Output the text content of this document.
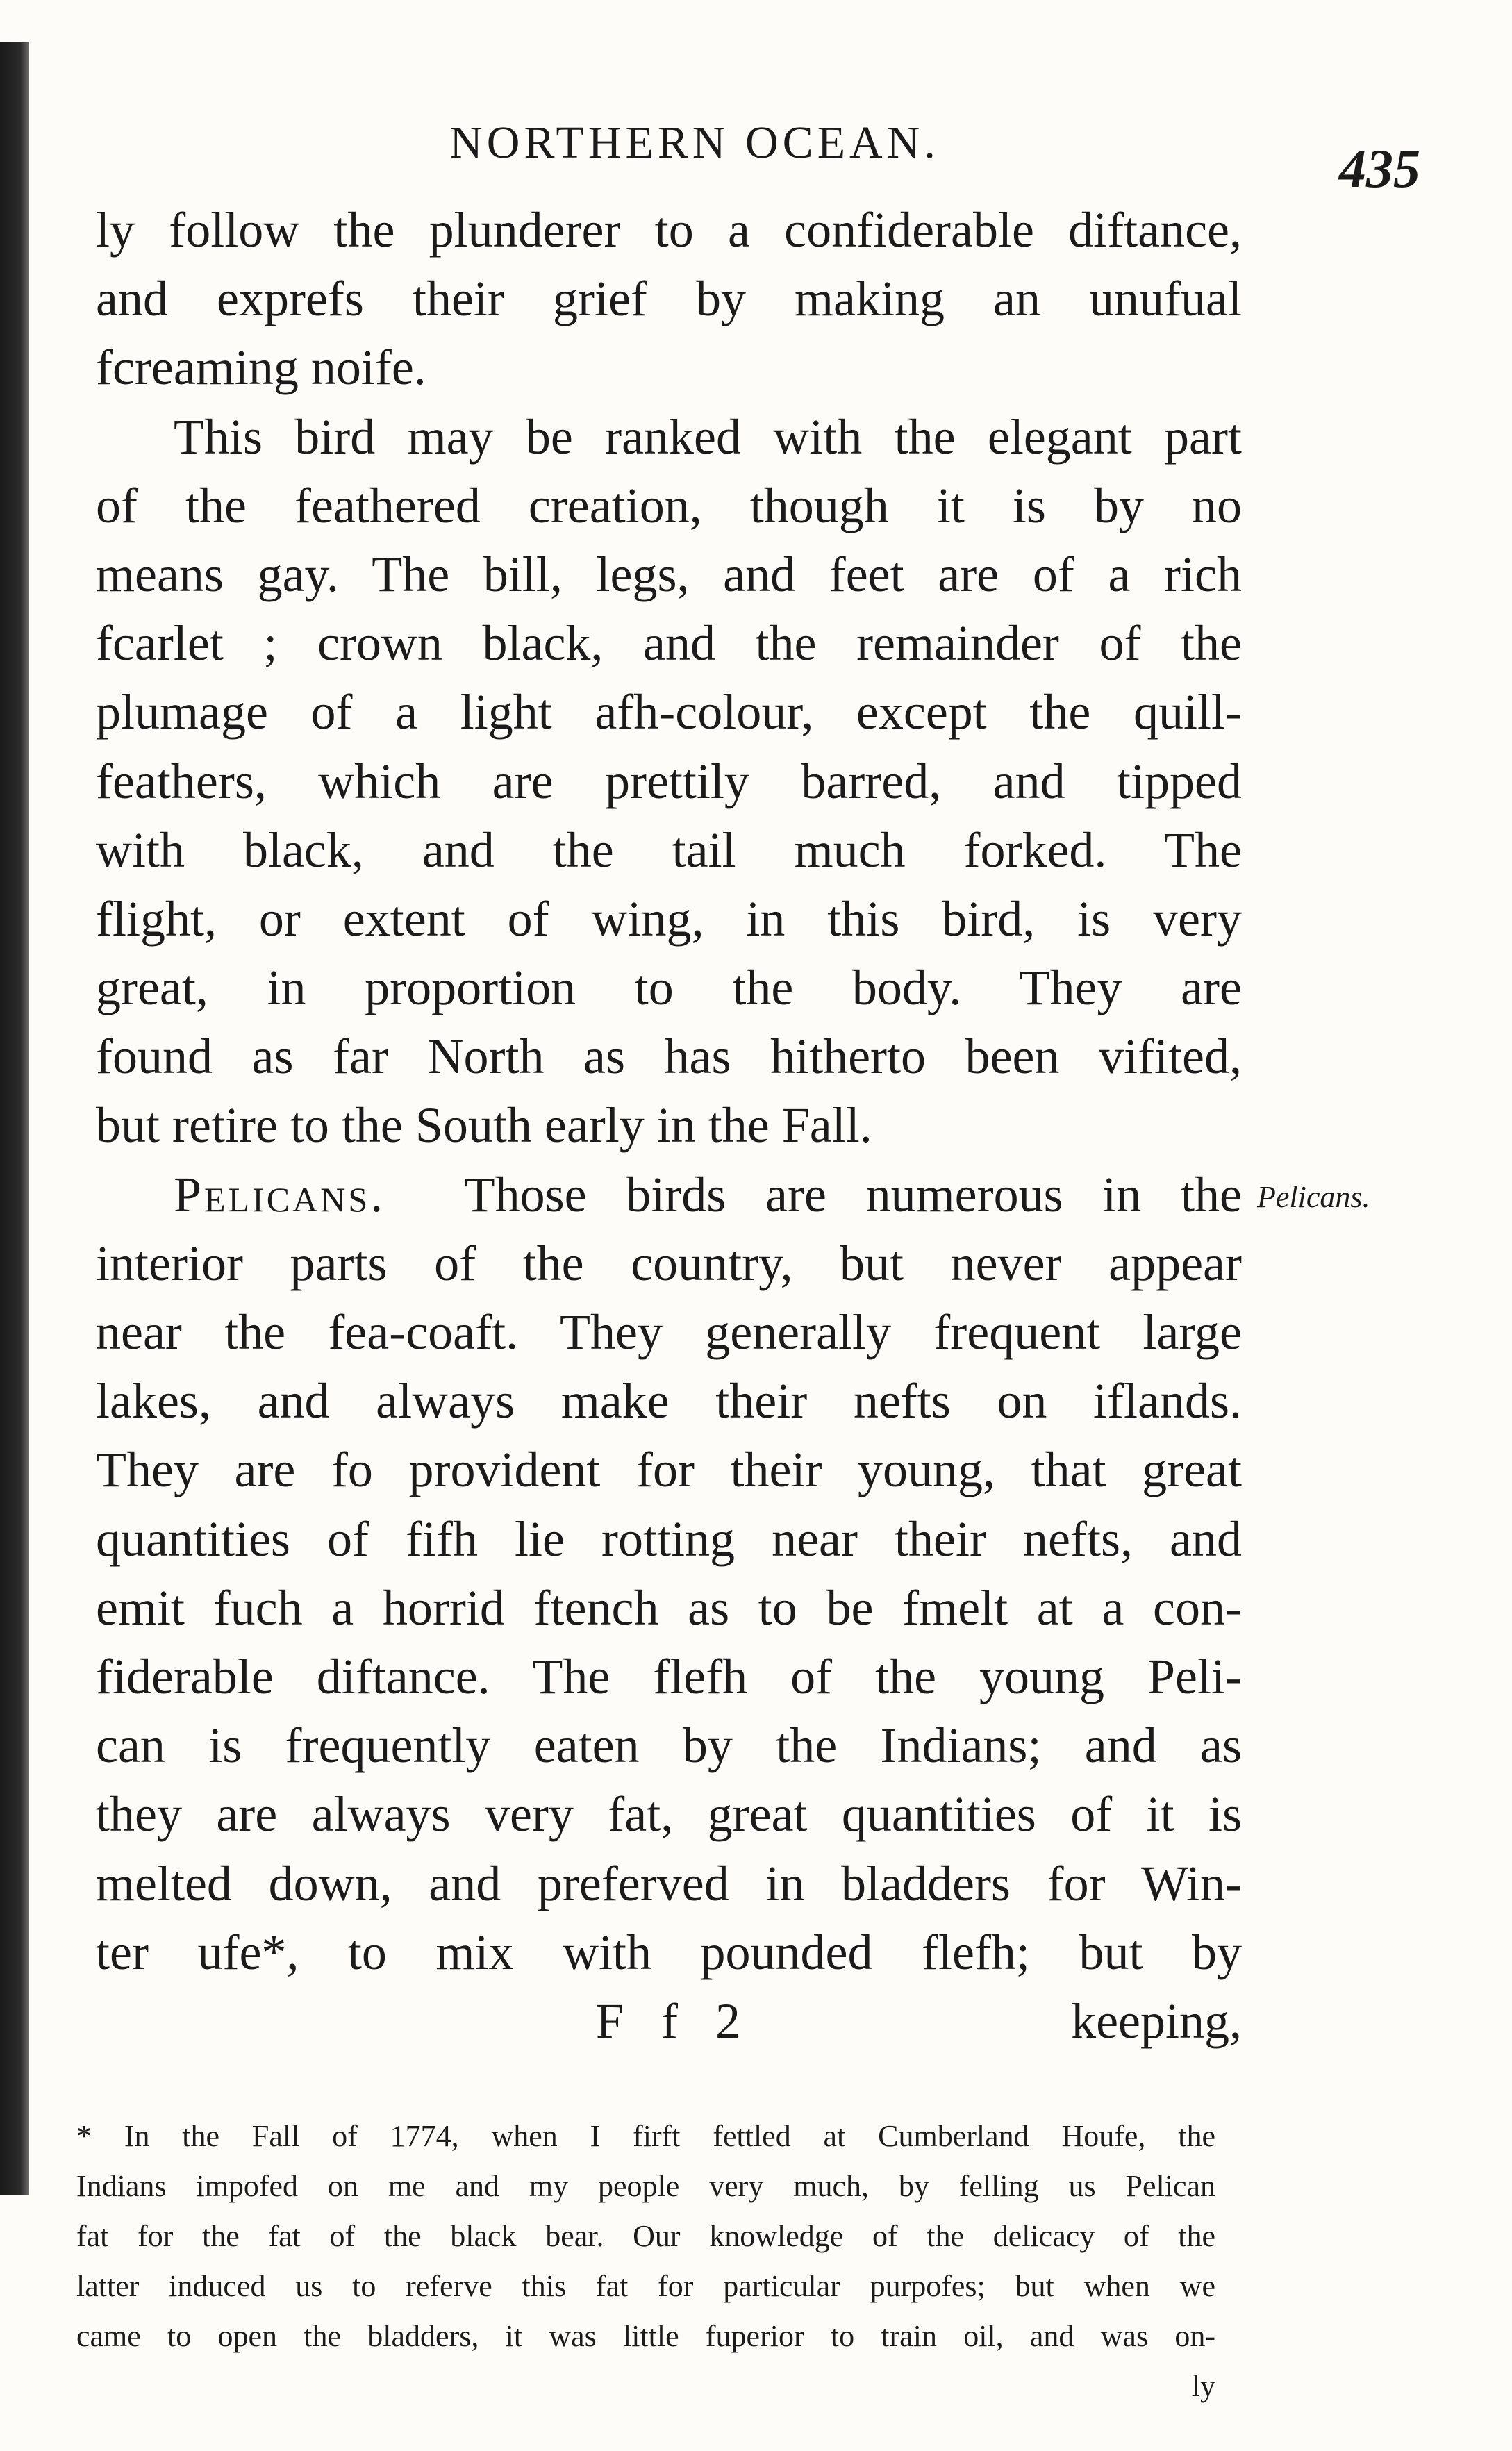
NORTHERN OCEAN.	435
ly follow the plunderer to a confiderable diftance,
and exprefs their grief by making an unufual
fcreaming noife.
This bird may be ranked with the elegant part
of the feathered creation, though it is by no
means gay. The bill, legs, and feet are of a rich
fcarlet ; crown black, and the remainder of the
plumage of a light afh-colour, except the quill-
feathers, which are prettily barred, and tipped
with black, and the tail much forked. The
flight, or extent of wing, in this bird, is very
great, in proportion to the body. They are
found as far North as has hitherto been vifited,
but retire to the South early in the Fall.
Pelicans. Those birds are numerous in the
interior parts of the country, but never appear
near the fea-coaft. They generally frequent large
lakes, and always make their nefts on iflands.
They are fo provident for their young, that great
quantities of fifh lie rotting near their nefts, and
emit fuch a horrid ftench as to be fmelt at a con-
fiderable diftance. The flefh of the young Peli-
can is frequently eaten by the Indians; and as
they are always very fat, great quantities of it is
melted down, and preferved in bladders for Win-
ter ufe*, to mix with pounded flefh; but by
F f 2	keeping,
Pelicans.
* In the Fall of 1774, when I firft fettled at Cumberland Houfe, the
Indians impofed on me and my people very much, by felling us Pelican
fat for the fat of the black bear. Our knowledge of the delicacy of the
latter induced us to referve this fat for particular purpofes; but when we
came to open the bladders, it was little fuperior to train oil, and was on-
ly
